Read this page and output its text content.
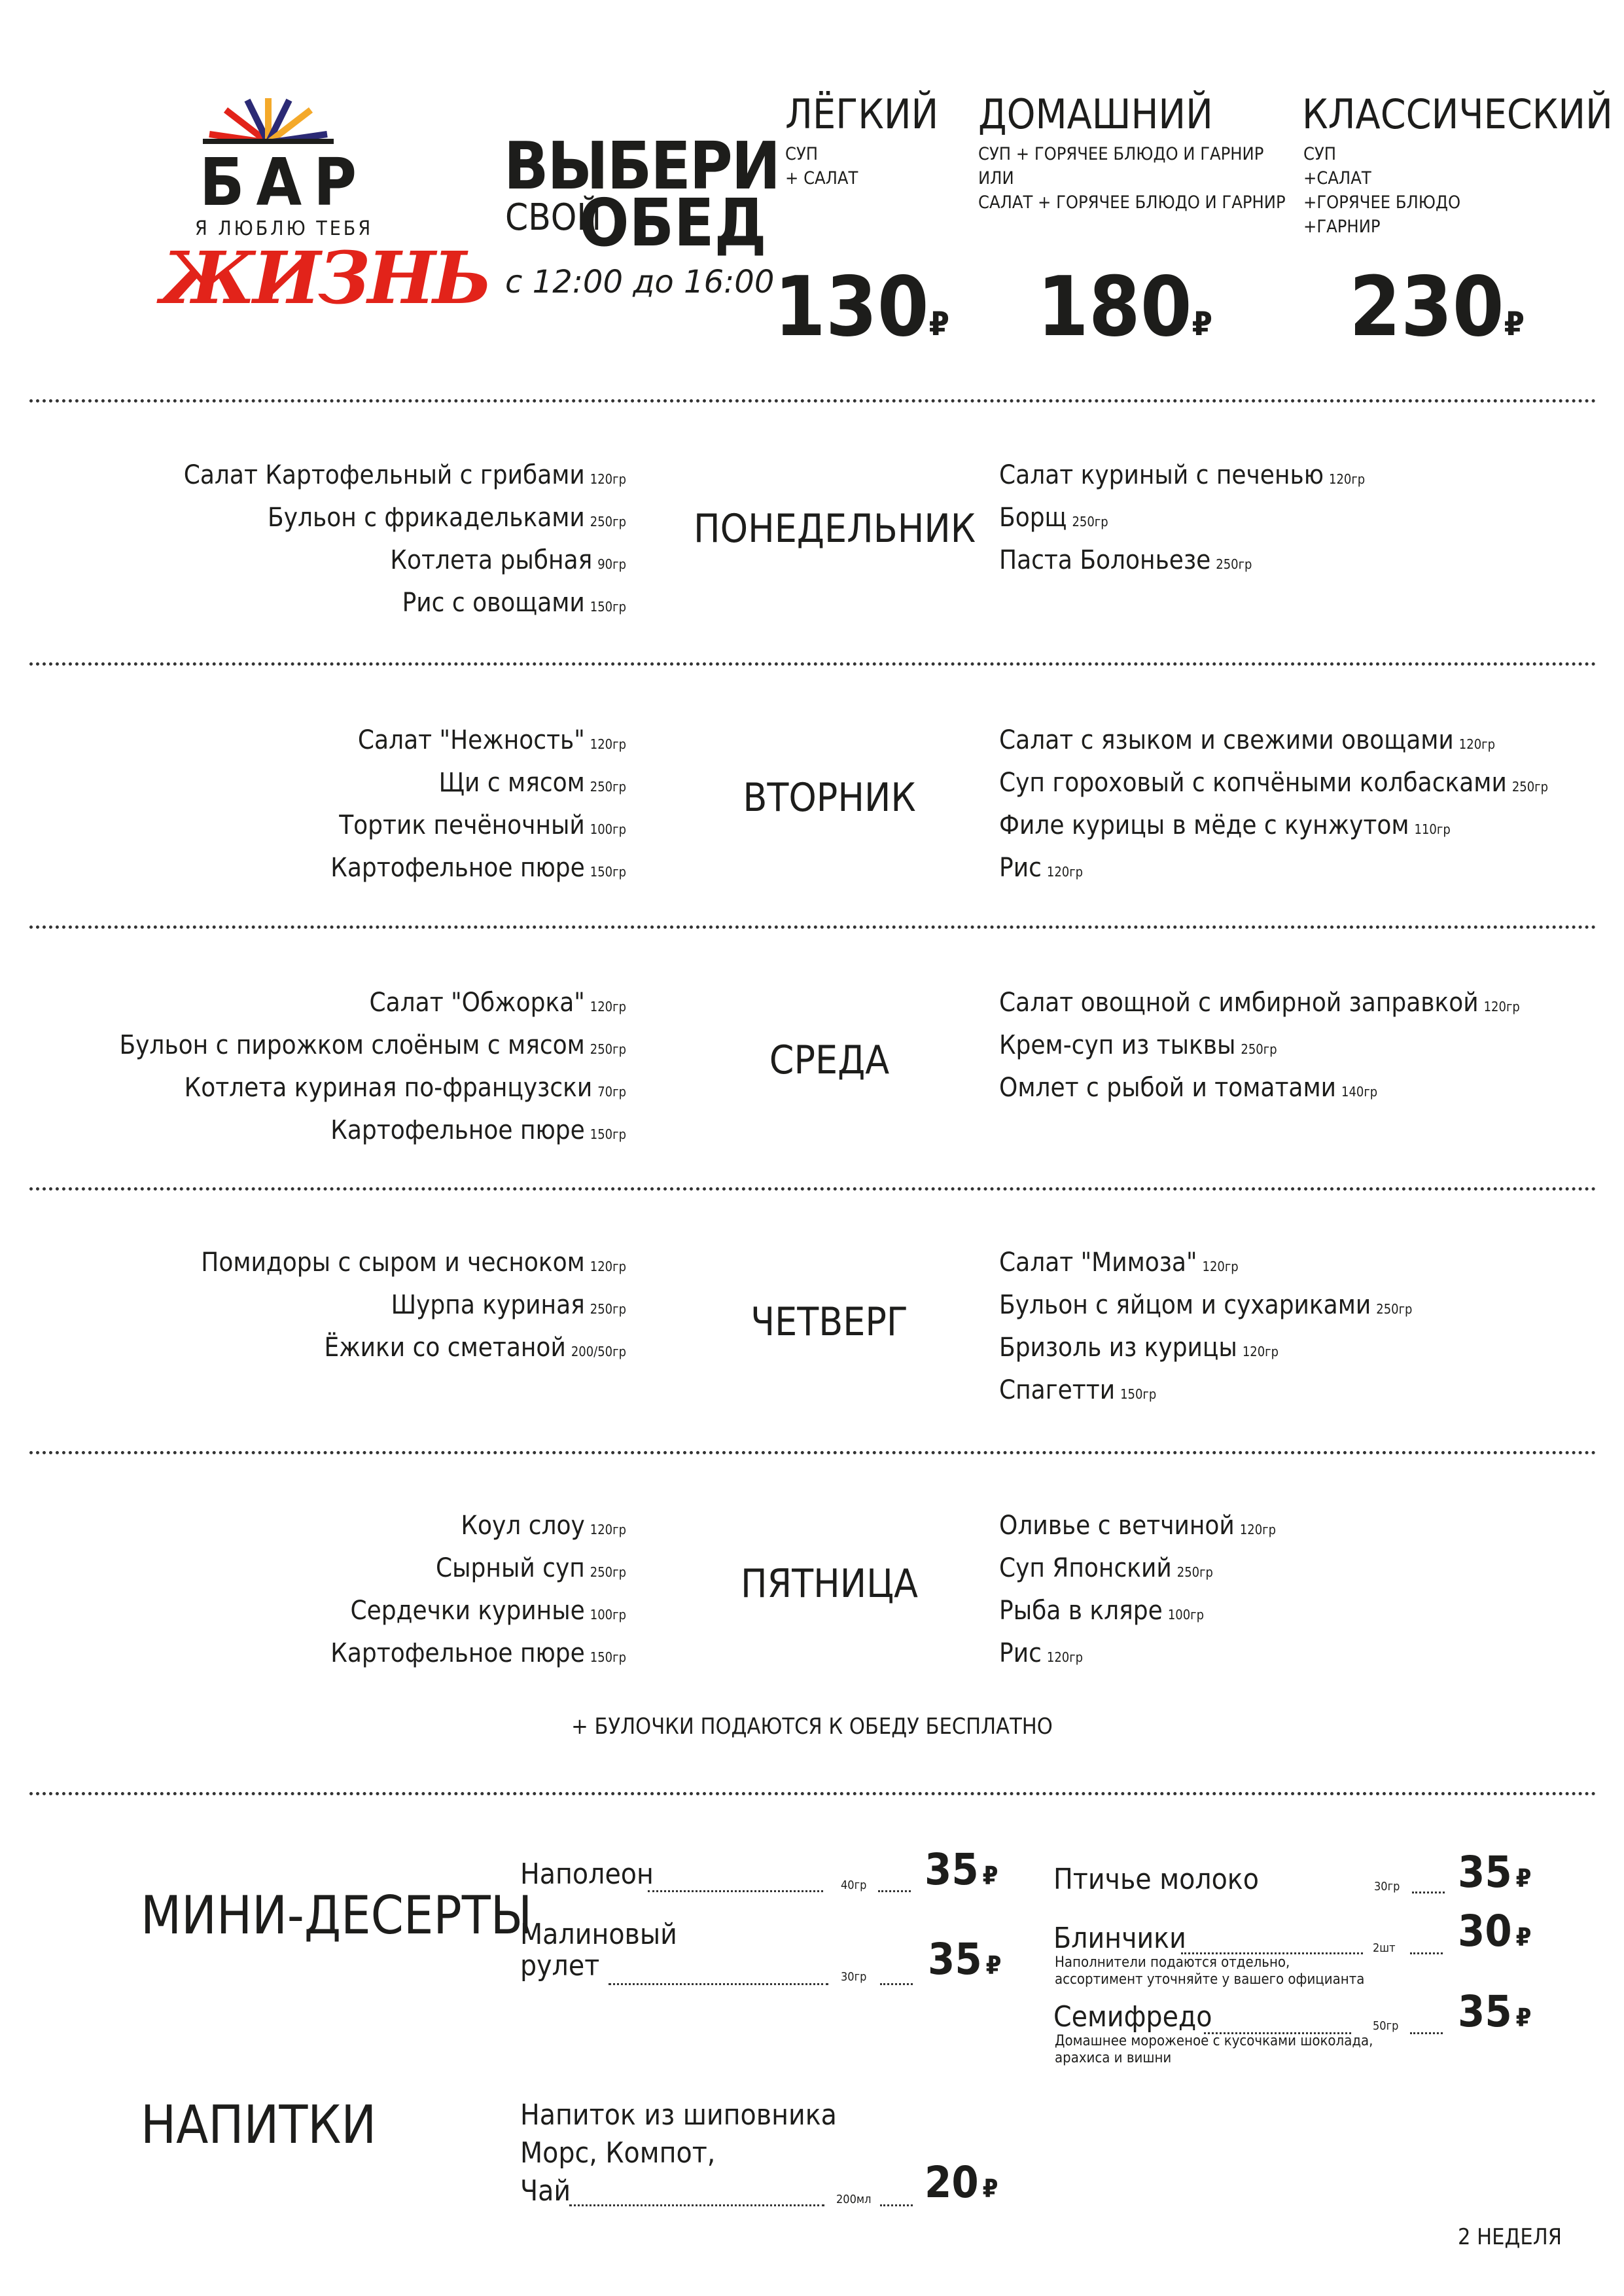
БАР
Я ЛЮБЛЮ ТЕБЯ
ЖИЗНЬ
ВЫБЕРИ
СВОЙ
ОБЕД
с 12:00 до 16:00
ЛЁГКИЙ
СУП
+ САЛАТ
130₽
ДОМАШНИЙ
СУП + ГОРЯЧЕЕ БЛЮДО И ГАРНИР
ИЛИ
САЛАТ + ГОРЯЧЕЕ БЛЮДО И ГАРНИР
180₽
КЛАССИЧЕСКИЙ
СУП
+САЛАТ
+ГОРЯЧЕЕ БЛЮДО
+ГАРНИР
230₽
ПОНЕДЕЛЬНИК
Салат Картофельный с грибами 120гр
Бульон с фрикадельками 250гр
Котлета рыбная 90гр
Рис с овощами 150гр
Салат куриный с печенью 120гр
Борщ 250гр
Паста Болоньезе 250гр
ВТОРНИК
Салат "Нежность" 120гр
Щи с мясом 250гр
Тортик печёночный 100гр
Картофельное пюре 150гр
Салат с языком и свежими овощами 120гр
Суп гороховый с копчёными колбасками 250гр
Филе курицы в мёде с кунжутом 110гр
Рис 120гр
СРЕДА
Салат "Обжорка" 120гр
Бульон с пирожком слоёным с мясом 250гр
Котлета куриная по-французски 70гр
Картофельное пюре 150гр
Салат овощной с имбирной заправкой 120гр
Крем-суп из тыквы 250гр
Омлет с рыбой и томатами 140гр
ЧЕТВЕРГ
Помидоры с сыром и чесноком 120гр
Шурпа куриная 250гр
Ёжики со сметаной 200/50гр
Салат "Мимоза" 120гр
Бульон с яйцом и сухариками 250гр
Бризоль из курицы 120гр
Спагетти 150гр
ПЯТНИЦА
Коул слоу 120гр
Сырный суп 250гр
Сердечки куриные 100гр
Картофельное пюре 150гр
Оливье с ветчиной 120гр
Суп Японский 250гр
Рыба в кляре 100гр
Рис 120гр
+ БУЛОЧКИ ПОДАЮТСЯ К ОБЕДУ БЕСПЛАТНО
МИНИ-ДЕСЕРТЫ
Наполеон	40гр 35 ₽
Малиновый
рулет	30гр 35 ₽
Птичье молоко	30гр 35 ₽
Блинчики	2шт 30 ₽
Наполнители подаются отдельно,
ассортимент уточняйте у вашего официанта
Семифредо	50гр 35 ₽
Домашнее мороженое с кусочками шоколада,
арахиса и вишни
НАПИТКИ	Напиток из шиповника
Морс, Компот,
Чай	200мл 20 ₽
2 НЕДЕЛЯ
